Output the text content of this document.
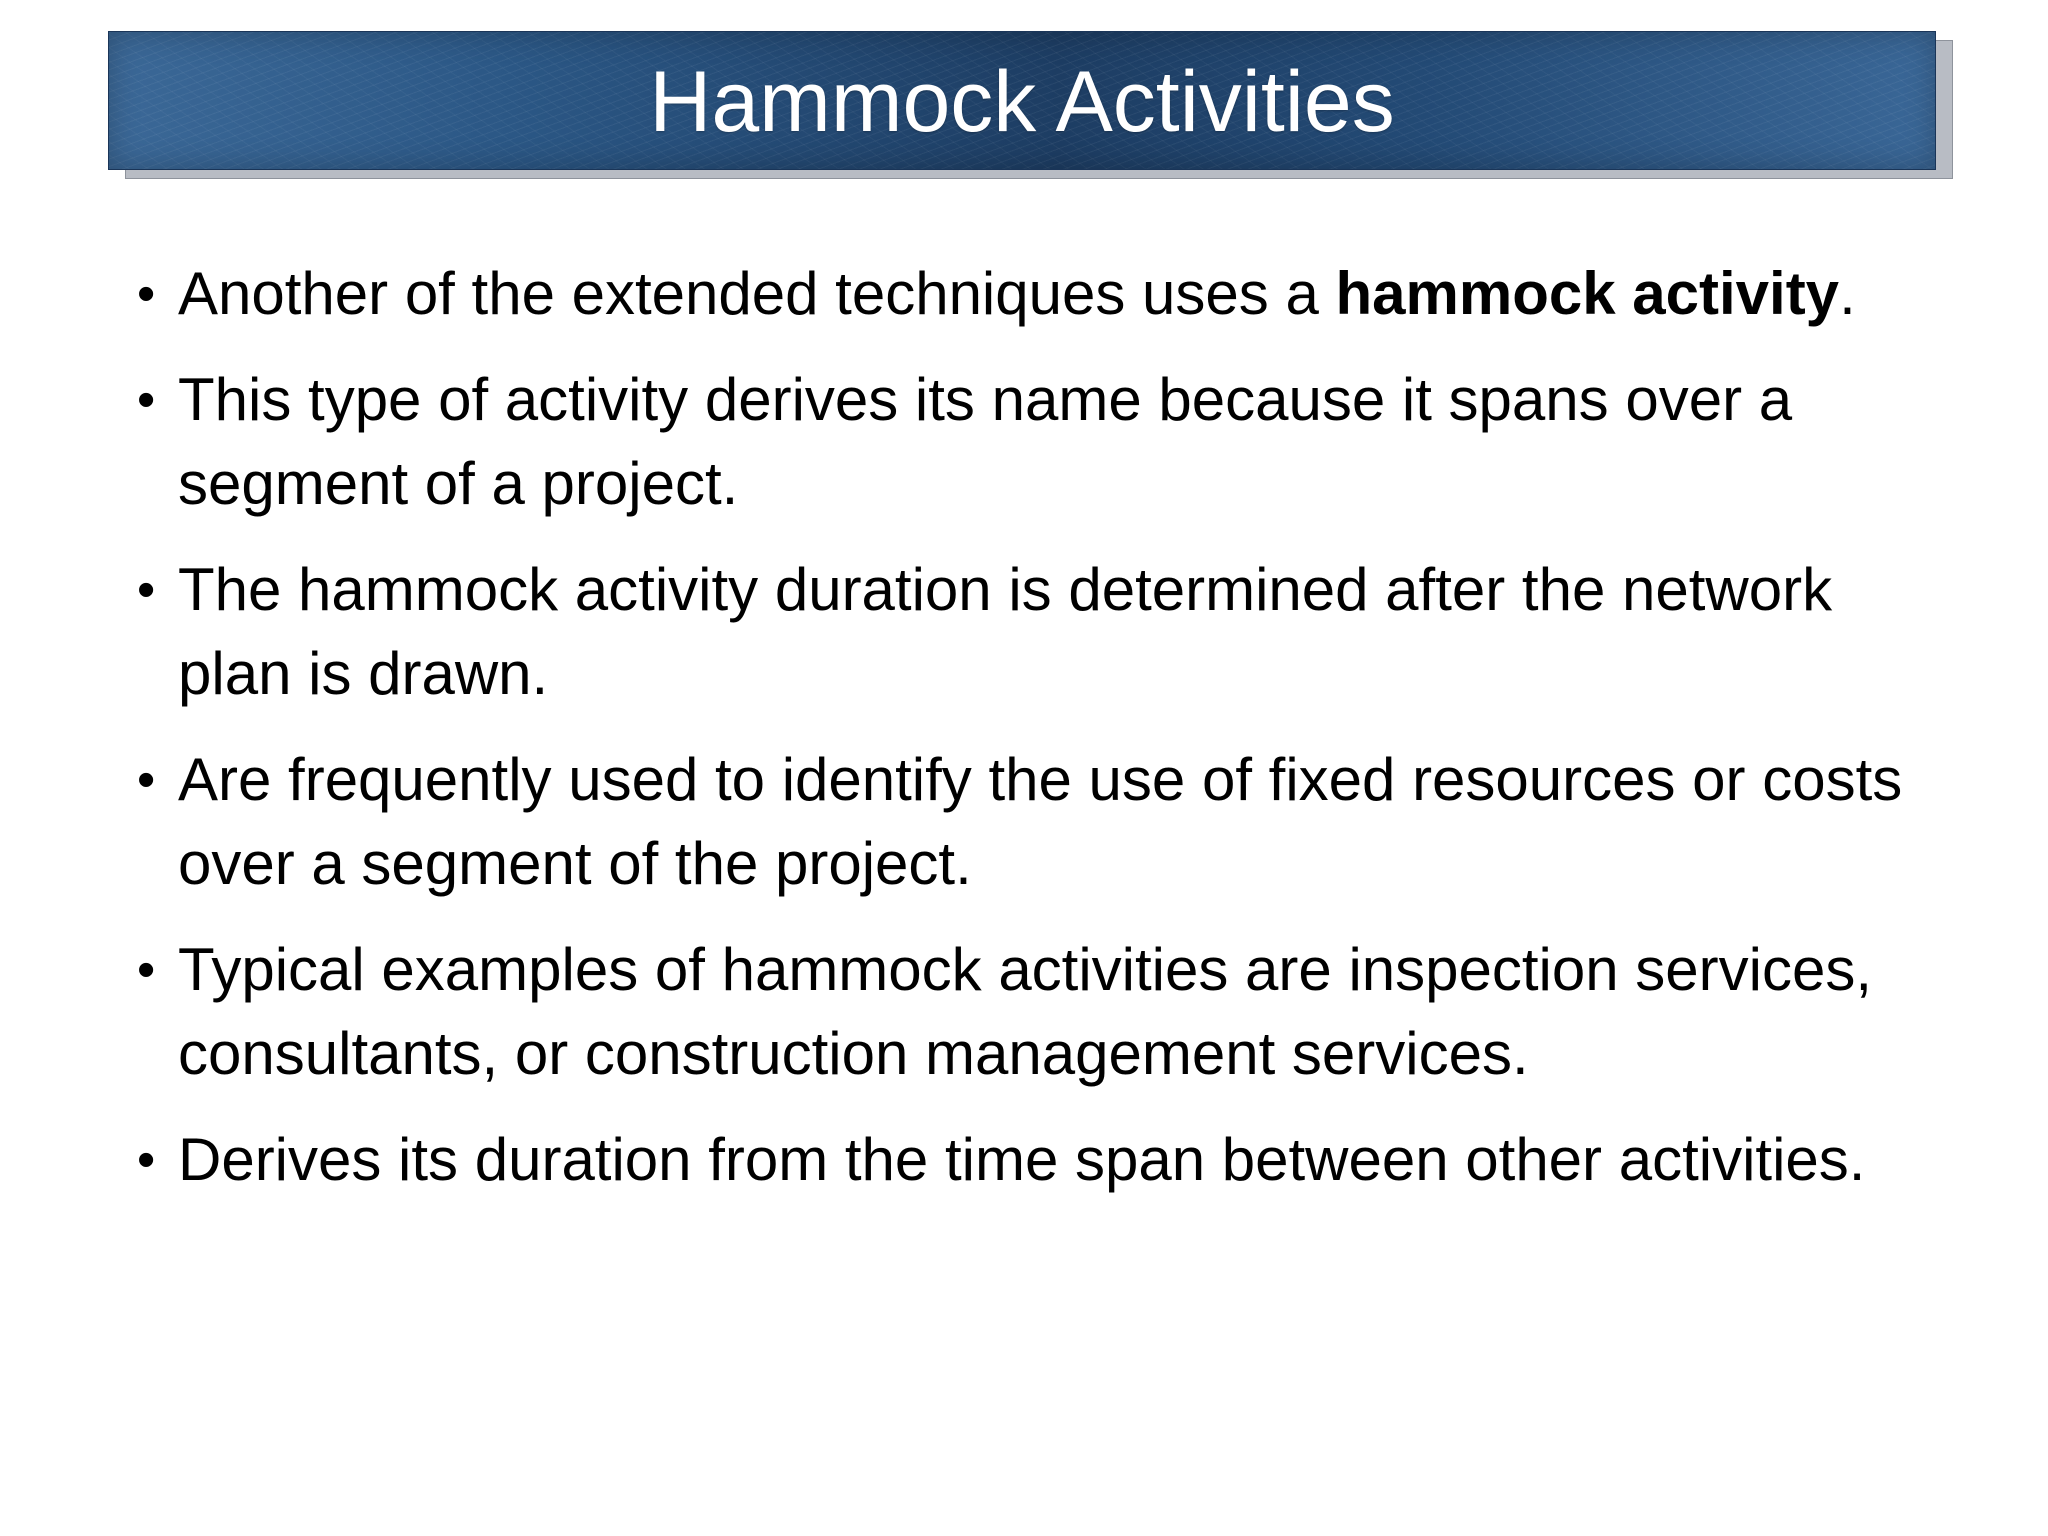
Hammock Activities
• Another of the extended techniques uses a hammock activity.
• This type of activity derives its name because it spans over a segment of a project.
• The hammock activity duration is determined after the network plan is drawn.
• Are frequently used to identify the use of fixed resources or costs over a segment of the project.
• Typical examples of hammock activities are inspection services, consultants, or construction management services.
• Derives its duration from the time span between other activities.
